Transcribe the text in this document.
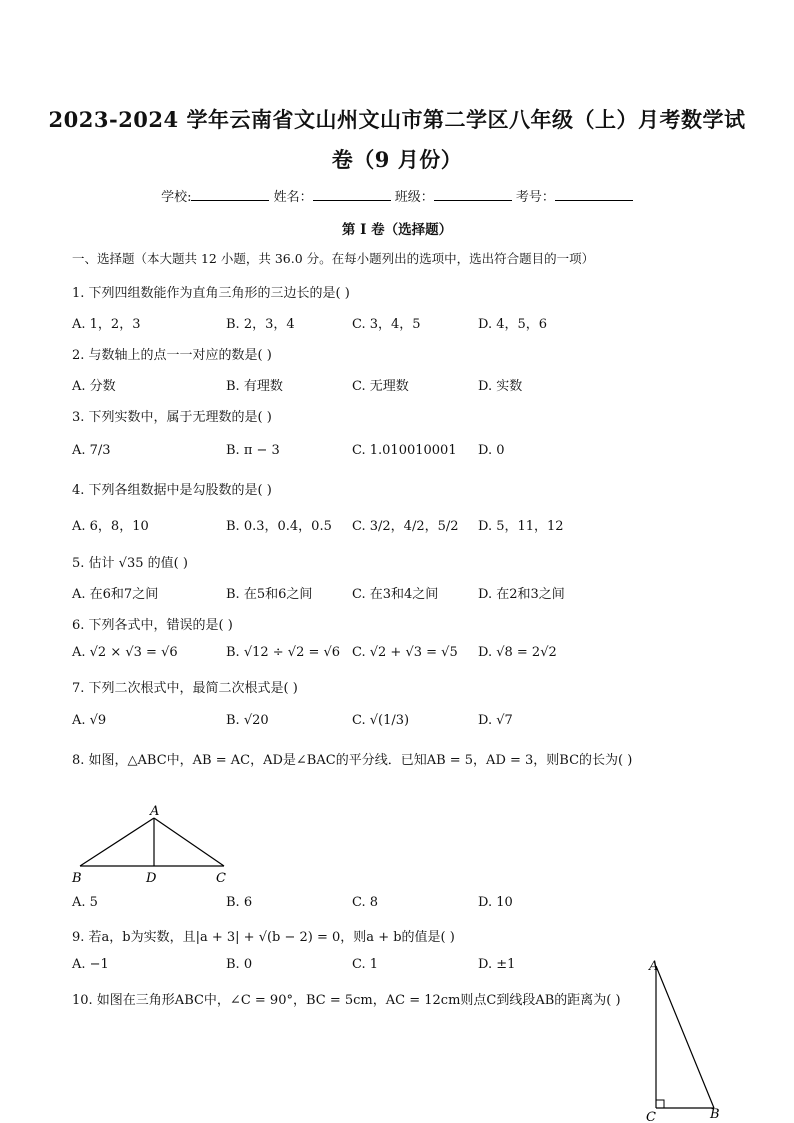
2023-2024 学年云南省文山州文山市第二学区八年级（上）月考数学试
卷（9 月份）
学校:	姓名：	班级：	考号：
第 I 卷（选择题）
一、选择题（本大题共 12 小题，共 36.0 分。在每小题列出的选项中，选出符合题目的一项）
1. 下列四组数能作为直角三角形的三边长的是( )
A. 1，2，3	B. 2，3，4	C. 3，4，5	D. 4，5，6
2. 与数轴上的点一一对应的数是( )
A. 分数	B. 有理数	C. 无理数	D. 实数
3. 下列实数中，属于无理数的是( )
A. 7/3	B. π − 3	C. 1.010010001 D. 0
4. 下列各组数据中是勾股数的是( )
A. 6，8，10	B. 0.3，0.4，0.5 C. 3/2，4/2，5/2 D. 5，11，12
5. 估计 √35 的值( )
A. 在6和7之间	B. 在5和6之间	C. 在3和4之间	D. 在2和3之间
6. 下列各式中，错误的是( )
A. √2 × √3 = √6	B. √12 ÷ √2 = √6 C. √2 + √3 = √5 D. √8 = 2√2
7. 下列二次根式中，最简二次根式是( )
A. √9	B. √20	C. √(1/3)	D. √7
8. 如图，△ABC中，AB = AC，AD是∠BAC的平分线．已知AB = 5，AD = 3，则BC的长为( )
A
B	D	C
A. 5	B. 6	C. 8	D. 10
9. 若a，b为实数，且|a + 3| + √(b − 2) = 0，则a + b的值是( )
A. −1	B. 0	C. 1	D. ±1
10. 如图在三角形ABC中，∠C = 90°，BC = 5cm，AC = 12cm则点C到线段AB的距离为( )
A
C	B
